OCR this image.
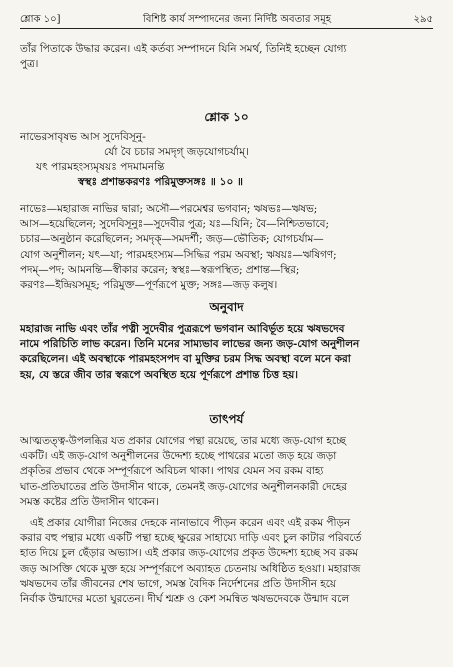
শ্লোক ১০]	বিশিষ্ট কার্য সম্পাদনের জন্য নির্দিষ্ট অবতার সমূহ	২৯৫
তাঁর পিতাকে উদ্ধার করেন। এই কর্তব্য সম্পাদনে যিনি সমর্থ, তিনিই হচ্ছেন যোগ্য
পুত্র।
শ্লোক ১০
নাভেরসাবৃষভ আস সুদেবিসূনু-
র্যো বৈ চচার সমদৃগ্‌ জড়যোগচর্যাম্‌।
যৎ পারমহংস্যমৃষয়ঃ পদমামনন্তি
স্বস্থঃ প্রশান্তকরণঃ পরিমুক্তসঙ্গঃ ॥ ১০ ॥
নাভেঃ—মহারাজ নাভির দ্বারা; অসৌ—পরমেশ্বর ভগবান; ঋষভঃ—ঋষভ;
আস—হয়েছিলেন; সুদেবিসূনুঃ—সুদেবীর পুত্র; যঃ—যিনি; বৈ—নিশ্চিতভাবে;
চচার—অনুষ্ঠান করেছিলেন; সমদৃক্‌—সমদর্শী; জড়—ভৌতিক; যোগচর্যাম—
যোগ অনুশীলন; যৎ—যা; পারমহংস্যম—সিদ্ধির পরম অবস্থা; ঋষয়ঃ—ঋষিগণ;
পদম্‌—পদ; আমনন্তি—স্বীকার করেন; স্বস্থঃ—স্বরূপস্থিত; প্রশান্ত—স্থির;
করণঃ—ইন্দ্রিয়সমূহ; পরিমুক্ত—পূর্ণরূপে মুক্ত; সঙ্গঃ—জড় কলুষ।
অনুবাদ
মহারাজ নাভি এবং তাঁর পত্নী সুদেবীর পুত্ররূপে ভগবান আবির্ভূত হয়ে ঋষভদেব
নামে পরিচিতি লাভ করেন। তিনি মনের সাম্যভাব লাভের জন্য জড়-যোগ অনুশীলন
করেছিলেন। এই অবস্থাকে পারমহংসপদ বা মুক্তির চরম সিদ্ধ অবস্থা বলে মনে করা
হয়, যে স্তরে জীব তার স্বরূপে অবস্থিত হয়ে পূর্ণরূপে প্রশান্ত চিত্ত হয়।
তাৎপর্য
আত্মতত্ত্ব-উপলব্ধির যত প্রকার যোগের পন্থা রয়েছে, তার মধ্যে জড়-যোগ হচ্ছে
একটি। এই জড়-যোগ অনুশীলনের উদ্দেশ্য হচ্ছে পাথরের মতো জড় হয়ে জড়া
প্রকৃতির প্রভাব থেকে সম্পূর্ণরূপে অবিচল থাকা। পাথর যেমন সব রকম বাহ্য
ঘাত-প্রতিঘাতের প্রতি উদাসীন থাকে, তেমনই জড়-যোগের অনুশীলনকারী দেহের
সমস্ত কষ্টের প্রতি উদাসীন থাকেন।
এই প্রকার যোগীরা নিজের দেহকে নানাভাবে পীড়ন করেন এবং এই রকম পীড়ন
করার বহু পন্থার মধ্যে একটি পন্থা হচ্ছে ক্ষুরের সাহায্যে দাড়ি এবং চুল কাটার পরিবর্তে
হাত দিয়ে চুল ছেঁড়ার অভ্যাস। এই প্রকার জড়-যোগের প্রকৃত উদ্দেশ্য হচ্ছে সব রকম
জড় আসক্তি থেকে মুক্ত হয়ে সম্পূর্ণরূপে অব্যাহত চেতনায় অধিষ্ঠিত হওয়া। মহারাজ
ঋষভদেব তাঁর জীবনের শেষ ভাগে, সমস্ত বৈদিক নির্দেশনের প্রতি উদাসীন হয়ে
নির্বাক উন্মাদের মতো ঘুরতেন। দীর্ঘ শ্মশ্রু ও কেশ সমন্বিত ঋষভদেবকে উন্মাদ বলে
